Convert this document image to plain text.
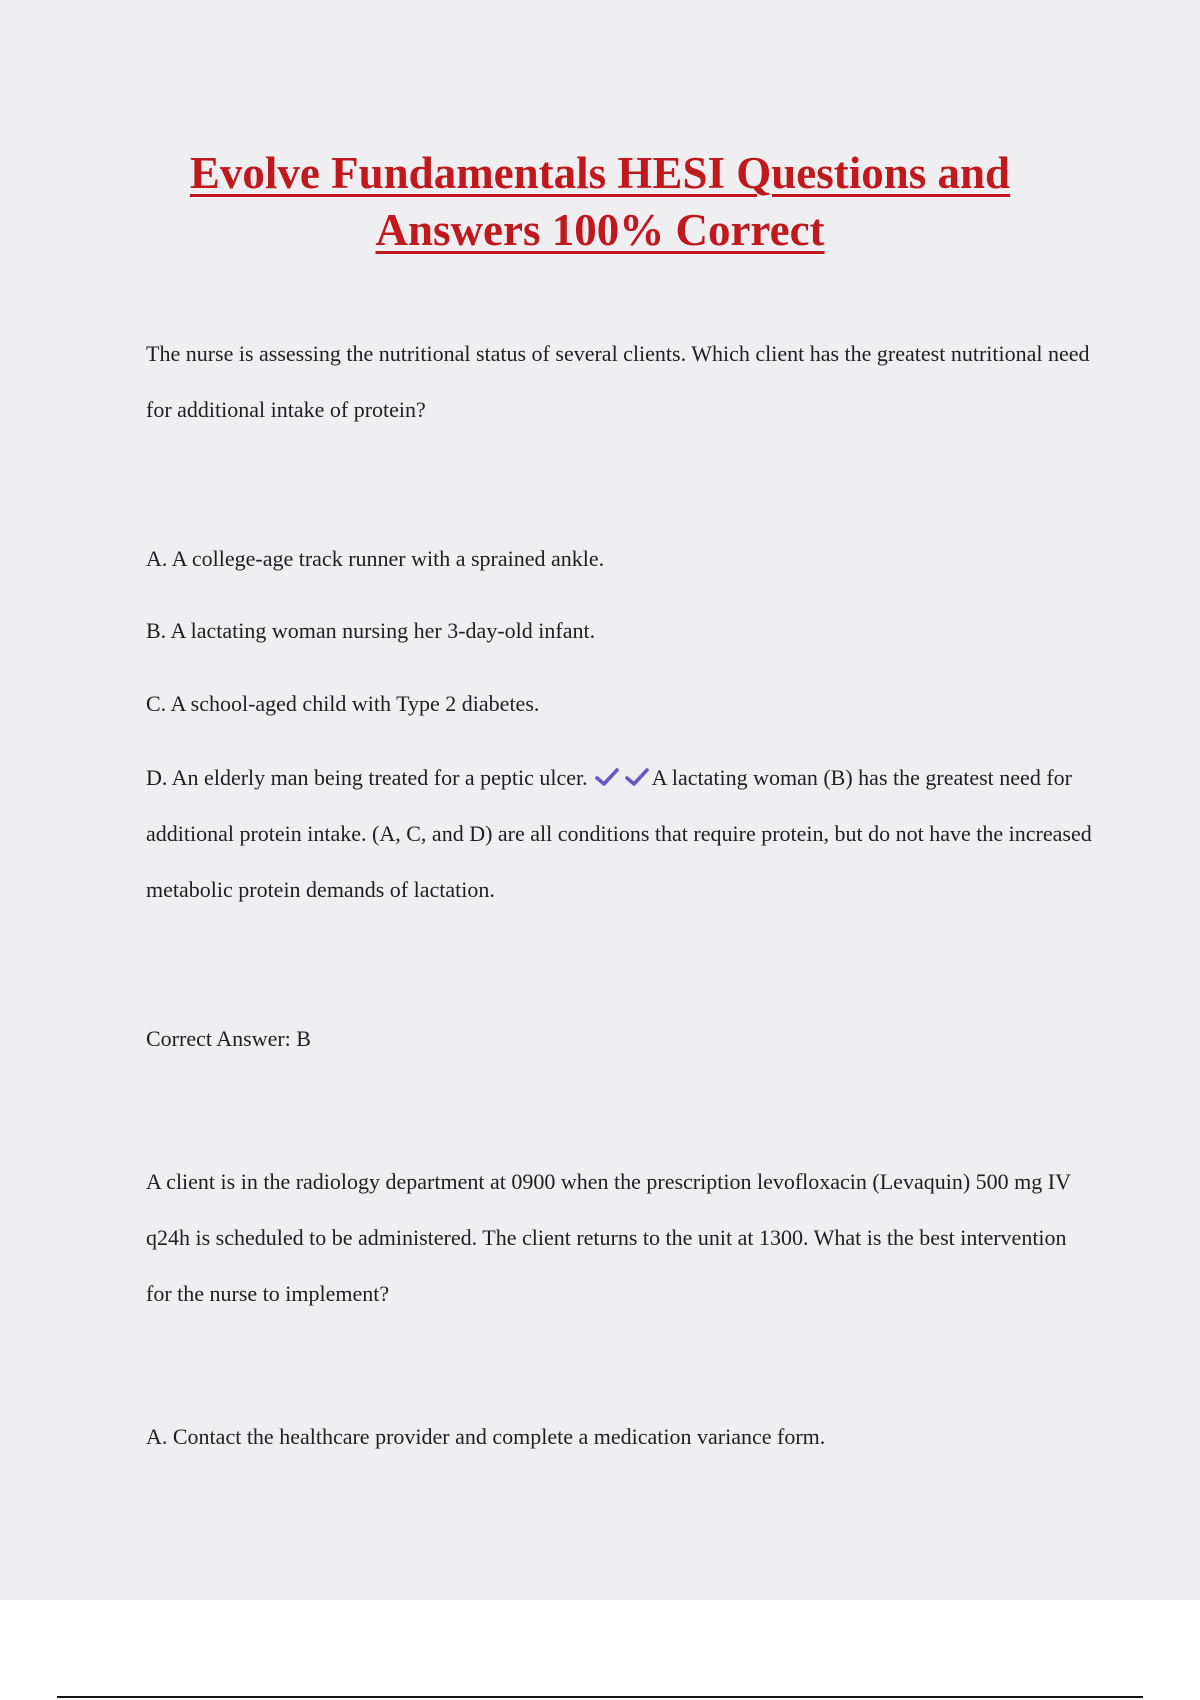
Evolve Fundamentals HESI Questions and
Answers 100% Correct

The nurse is assessing the nutritional status of several clients. Which client has the greatest nutritional need for additional intake of protein?

A. A college-age track runner with a sprained ankle.

B. A lactating woman nursing her 3-day-old infant.

C. A school-aged child with Type 2 diabetes.

D. An elderly man being treated for a peptic ulcer.	A lactating woman (B) has the greatest need for additional protein intake. (A, C, and D) are all conditions that require protein, but do not have the increased metabolic protein demands of lactation.

Correct Answer: B

A client is in the radiology department at 0900 when the prescription levofloxacin (Levaquin) 500 mg IV q24h is scheduled to be administered. The client returns to the unit at 1300. What is the best intervention for the nurse to implement?

A. Contact the healthcare provider and complete a medication variance form.
